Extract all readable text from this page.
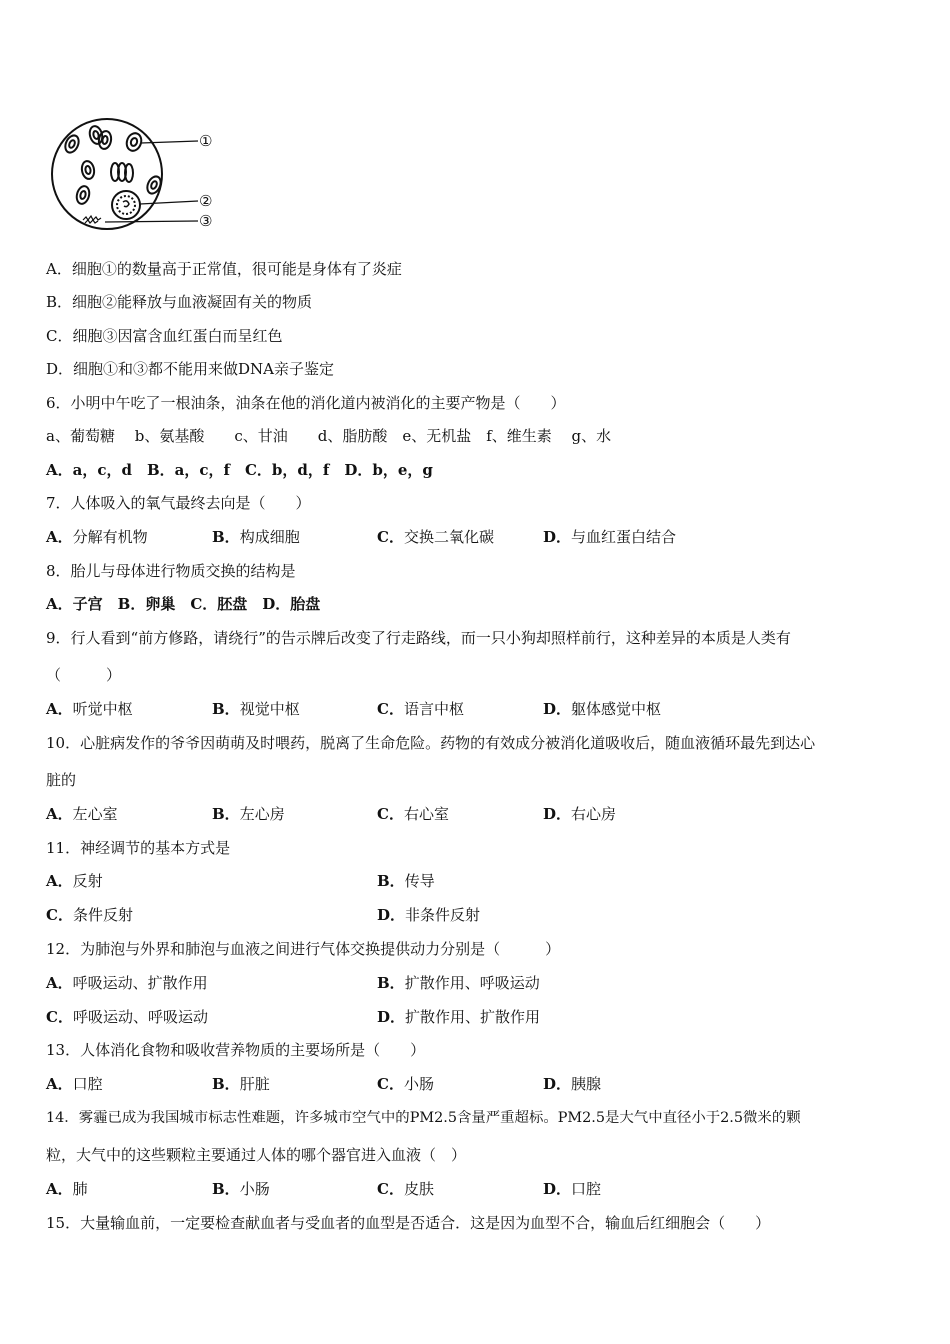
①
②
③
A．细胞①的数量高于正常值，很可能是身体有了炎症
B．细胞②能释放与血液凝固有关的物质
C．细胞③因富含血红蛋白而呈红色
D．细胞①和③都不能用来做DNA亲子鉴定
6．小明中午吃了一根油条，油条在他的消化道内被消化的主要产物是（　　）
a、葡萄糖　 b、氨基酸　　c、甘油　　d、脂肪酸　e、无机盐　f、维生素　 g、水
A．a，c，d　B．a，c，f　C．b，d，f　D．b，e，g
7．人体吸入的氧气最终去向是（　　）
A．分解有机物	B．构成细胞	C．交换二氧化碳	D．与血红蛋白结合
8．胎儿与母体进行物质交换的结构是
A．子宫　B．卵巢　C．胚盘　D．胎盘
9．行人看到“前方修路，请绕行”的告示牌后改变了行走路线，而一只小狗却照样前行，这种差异的本质是人类有
（　　　）
A．听觉中枢	B．视觉中枢	C．语言中枢	D．躯体感觉中枢
10．心脏病发作的爷爷因萌萌及时喂药，脱离了生命危险。药物的有效成分被消化道吸收后，随血液循环最先到达心
脏的
A．左心室	B．左心房	C．右心室	D．右心房
11．神经调节的基本方式是
A．反射	B．传导
C．条件反射	D．非条件反射
12．为肺泡与外界和肺泡与血液之间进行气体交换提供动力分别是（　　　）
A．呼吸运动、扩散作用	B．扩散作用、呼吸运动
C．呼吸运动、呼吸运动	D．扩散作用、扩散作用
13．人体消化食物和吸收营养物质的主要场所是（　　）
A．口腔	B．肝脏	C．小肠	D．胰腺
14．雾霾已成为我国城市标志性难题，许多城市空气中的PM2.5含量严重超标。PM2.5是大气中直径小于2.5微米的颗
粒，大气中的这些颗粒主要通过人体的哪个器官进入血液（　）
A．肺	B．小肠	C．皮肤	D．口腔
15．大量输血前，一定要检查献血者与受血者的血型是否适合．这是因为血型不合，输血后红细胞会（　　）
